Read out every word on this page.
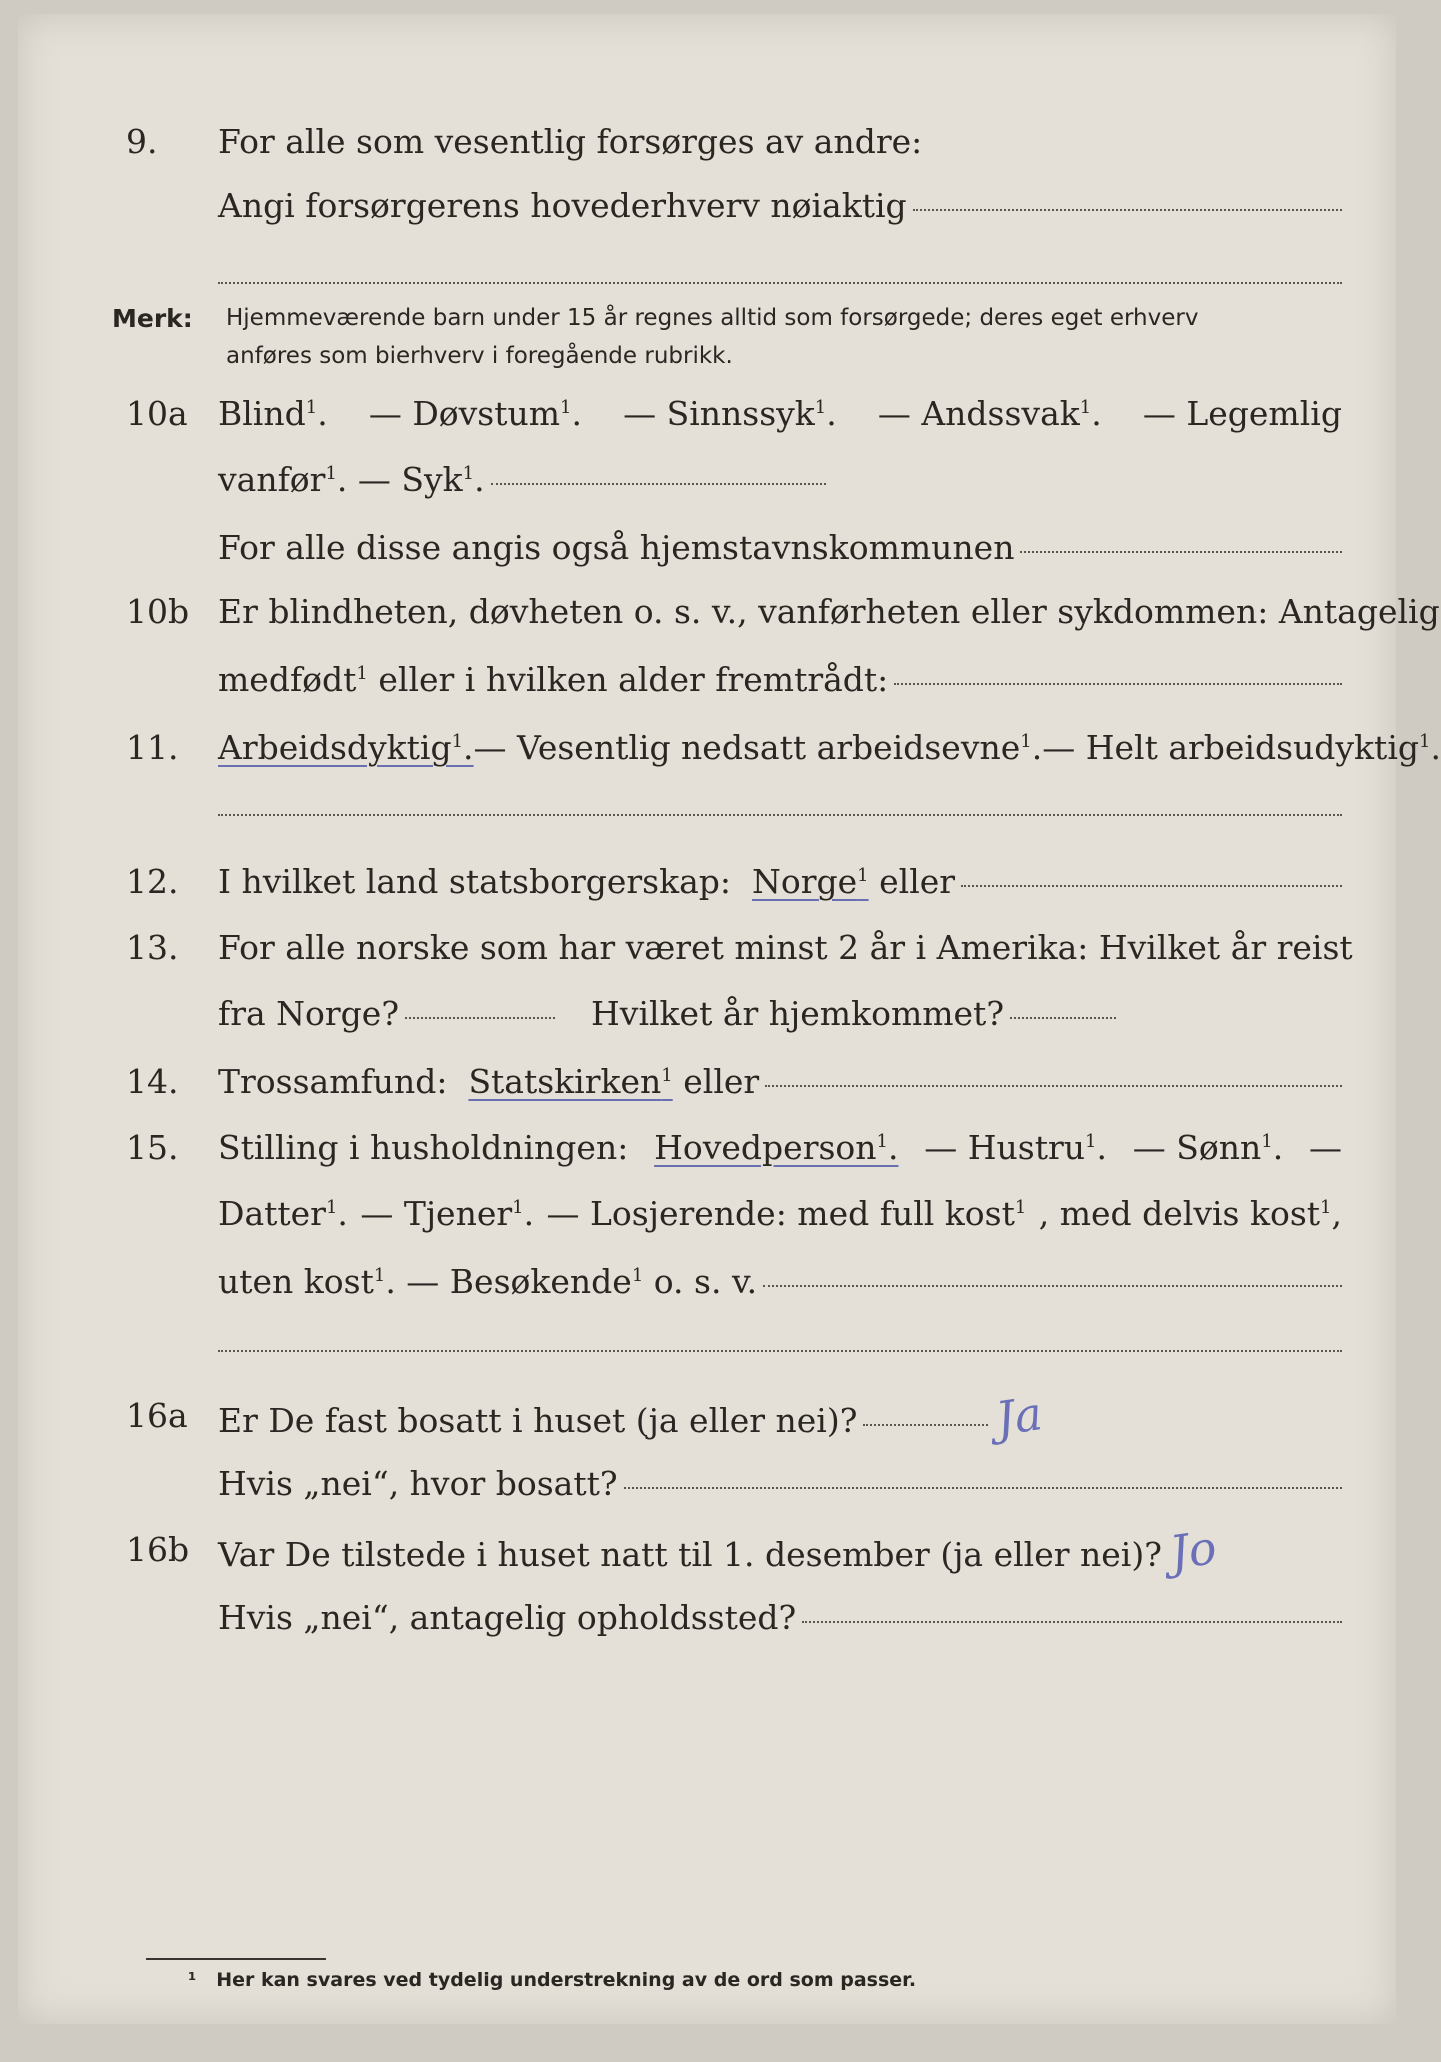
9.	For alle som vesentlig forsørges av andre:
Angi forsørgerens hovederhverv nøiaktig
Merk: Hjemmeværende barn under 15 år regnes alltid som forsørgede; deres eget erhverv
anføres som bierhverv i foregående rubrikk.
10a Blind$^1$. — Døvstum$^1$. — Sinnssyk$^1$. — Andssvak$^1$. — Legemlig
vanfør$^1$. — Syk$^1$.
For alle disse angis også hjemstavnskommunen
10b Er blindheten, døvheten o. s. v., vanførheten eller sykdommen: Antagelig
medfødt$^1$ eller i hvilken alder fremtrådt:
11.	Arbeidsdyktig$^1$. — Vesentlig nedsatt arbeidsevne$^1$. — Helt arbeidsudyktig$^1$.
12.	I hvilket land statsborgerskap:
Norge$^1$
eller
13.	For alle norske som har været minst 2 år i Amerika: Hvilket år reist
fra Norge?	Hvilket år hjemkommet?
14.	Trossamfund:
Statskirken$^1$
eller
15.	Stilling i husholdningen: Hovedperson$^1$. — Hustru$^1$. — Sønn$^1$. —
Datter$^1$. — Tjener$^1$. — Losjerende: med full kost$^1$ , med delvis kost$^1$,
uten kost$^1$. — Besøkende$^1$ o. s. v.
16a Er De fast bosatt i huset (ja eller nei)?	Ja
Hvis „nei“, hvor bosatt?
16b Var De tilstede i huset natt til 1. desember (ja eller nei)? Jo
Hvis „nei“, antagelig opholdssted?
¹ Her kan svares ved tydelig understrekning av de ord som passer.
